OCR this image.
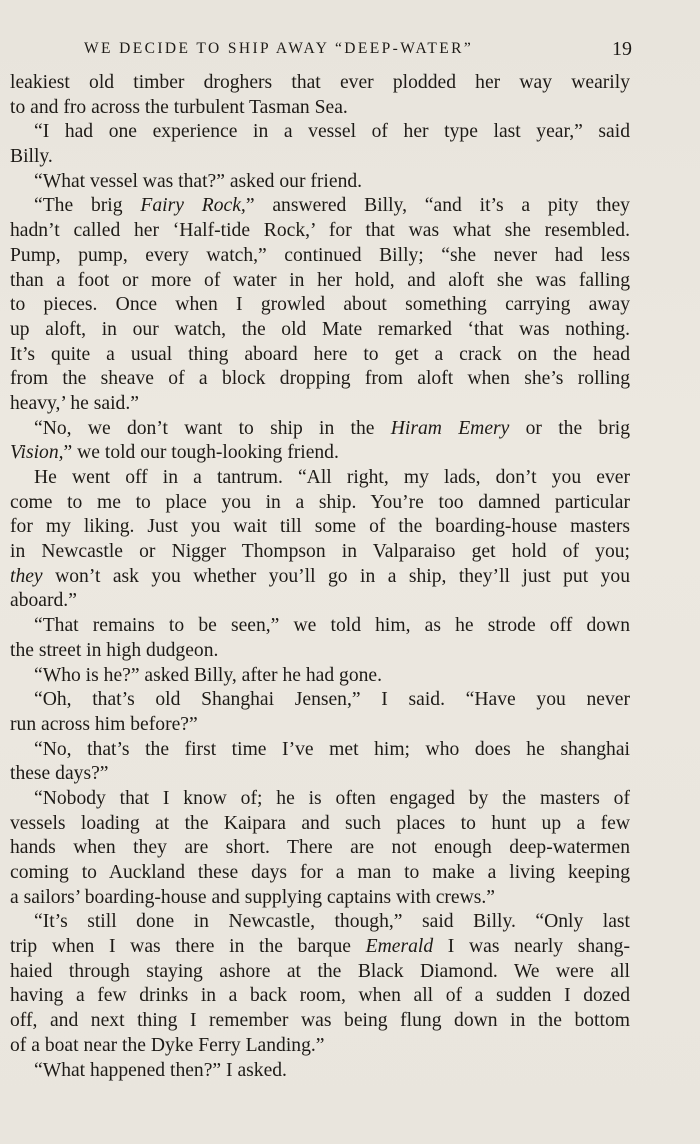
WE DECIDE TO SHIP AWAY “DEEP-WATER”	19
leakiest old timber droghers that ever plodded her way wearily
to and fro across the turbulent Tasman Sea.
“I had one experience in a vessel of her type last year,” said
Billy.
“What vessel was that?” asked our friend.
“The brig Fairy Rock,” answered Billy, “and it’s a pity they
hadn’t called her ‘Half-tide Rock,’ for that was what she resembled.
Pump, pump, every watch,” continued Billy; “she never had less
than a foot or more of water in her hold, and aloft she was falling
to pieces. Once when I growled about something carrying away
up aloft, in our watch, the old Mate remarked ‘that was nothing.
It’s quite a usual thing aboard here to get a crack on the head
from the sheave of a block dropping from aloft when she’s rolling
heavy,’ he said.”
“No, we don’t want to ship in the Hiram Emery or the brig
Vision,” we told our tough-looking friend.
He went off in a tantrum. “All right, my lads, don’t you ever
come to me to place you in a ship. You’re too damned particular
for my liking. Just you wait till some of the boarding-house masters
in Newcastle or Nigger Thompson in Valparaiso get hold of you;
they won’t ask you whether you’ll go in a ship, they’ll just put you
aboard.”
“That remains to be seen,” we told him, as he strode off down
the street in high dudgeon.
“Who is he?” asked Billy, after he had gone.
“Oh, that’s old Shanghai Jensen,” I said. “Have you never
run across him before?”
“No, that’s the first time I’ve met him; who does he shanghai
these days?”
“Nobody that I know of; he is often engaged by the masters of
vessels loading at the Kaipara and such places to hunt up a few
hands when they are short. There are not enough deep-watermen
coming to Auckland these days for a man to make a living keeping
a sailors’ boarding-house and supplying captains with crews.”
“It’s still done in Newcastle, though,” said Billy. “Only last
trip when I was there in the barque Emerald I was nearly shang-
haied through staying ashore at the Black Diamond. We were all
having a few drinks in a back room, when all of a sudden I dozed
off, and next thing I remember was being flung down in the bottom
of a boat near the Dyke Ferry Landing.”
“What happened then?” I asked.
